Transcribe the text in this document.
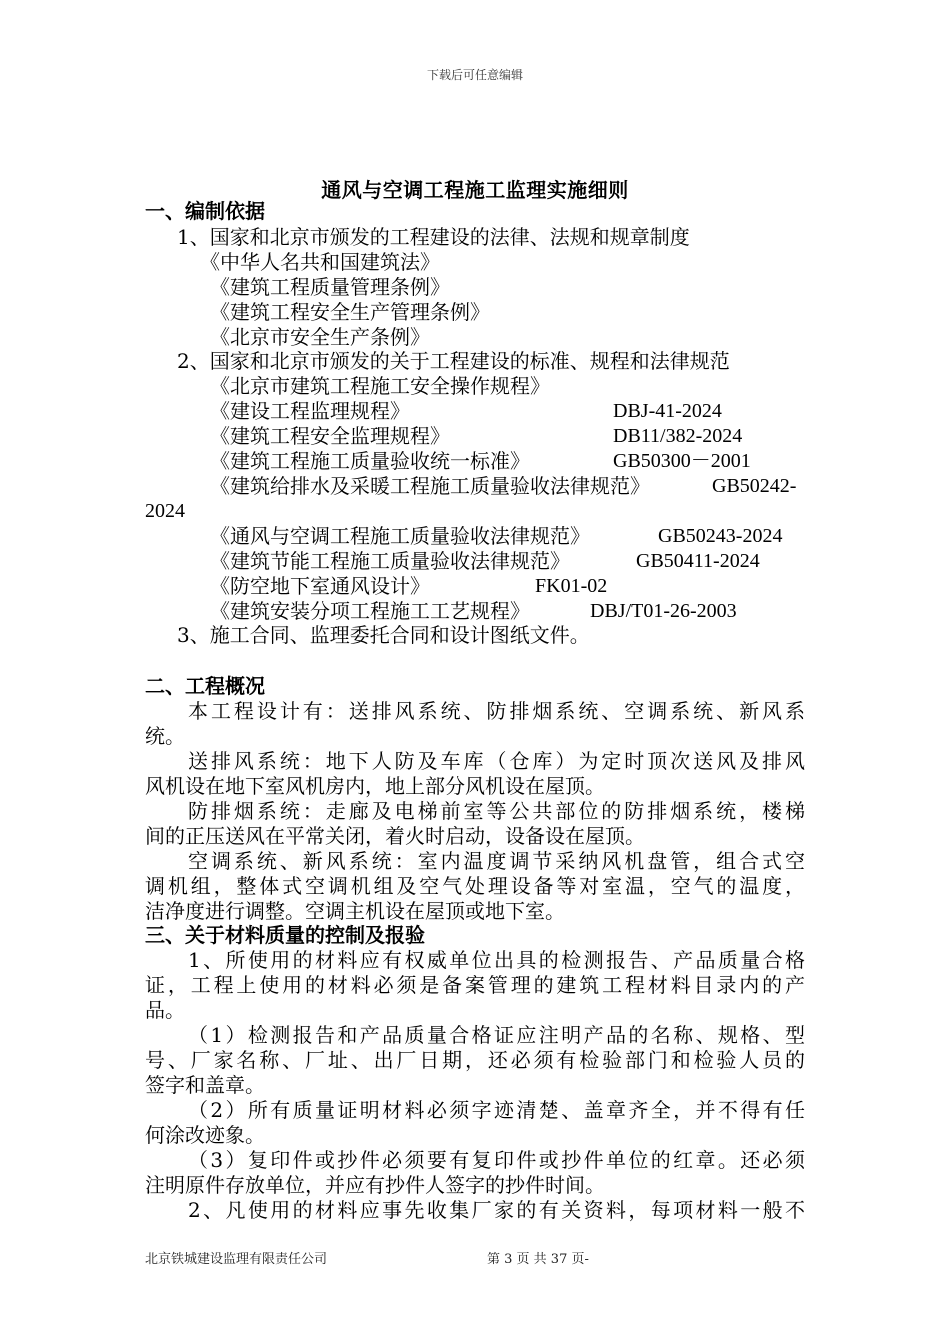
下载后可任意编辑
通风与空调工程施工监理实施细则
一、编制依据
1、国家和北京市颁发的工程建设的法律、法规和规章制度
《中华人名共和国建筑法》
《建筑工程质量管理条例》
《建筑工程安全生产管理条例》
《北京市安全生产条例》
2、国家和北京市颁发的关于工程建设的标准、规程和法律规范
《北京市建筑工程施工安全操作规程》
《建设工程监理规程》	DBJ-41-2024
《建筑工程安全监理规程》	DB11/382-2024
《建筑工程施工质量验收统一标准》	GB50300－2001
《建筑给排水及采暖工程施工质量验收法律规范》	GB50242-
2024
《通风与空调工程施工质量验收法律规范》	GB50243-2024
《建筑节能工程施工质量验收法律规范》	GB50411-2024
《防空地下室通风设计》	FK01-02
《建筑安装分项工程施工工艺规程》	DBJ/T01-26-2003
3、施工合同、监理委托合同和设计图纸文件。
二、工程概况
本工程设计有：送排风系统、防排烟系统、空调系统、新风系
统。
送排风系统：地下人防及车库（仓库）为定时顶次送风及排风
风机设在地下室风机房内，地上部分风机设在屋顶。
防排烟系统：走廊及电梯前室等公共部位的防排烟系统，楼梯
间的正压送风在平常关闭，着火时启动，设备设在屋顶。
空调系统、新风系统：室内温度调节采纳风机盘管，组合式空
调机组，整体式空调机组及空气处理设备等对室温，空气的温度，
洁净度进行调整。空调主机设在屋顶或地下室。
三、关于材料质量的控制及报验
1、所使用的材料应有权威单位出具的检测报告、产品质量合格
证，工程上使用的材料必须是备案管理的建筑工程材料目录内的产
品。
（1）检测报告和产品质量合格证应注明产品的名称、规格、型
号、厂家名称、厂址、出厂日期，还必须有检验部门和检验人员的
签字和盖章。
（2）所有质量证明材料必须字迹清楚、盖章齐全，并不得有任
何涂改迹象。
（3）复印件或抄件必须要有复印件或抄件单位的红章。还必须
注明原件存放单位，并应有抄件人签字的抄件时间。
2、凡使用的材料应事先收集厂家的有关资料，每项材料一般不
北京铁城建设监理有限责任公司	第 3 页 共 37 页-
